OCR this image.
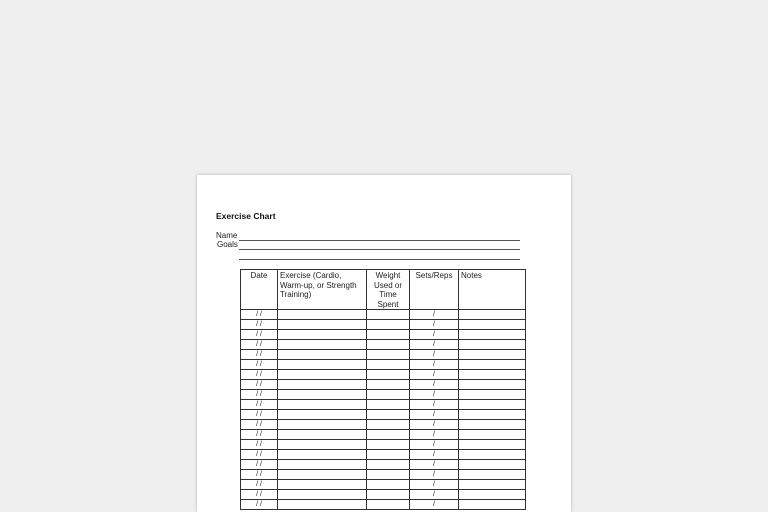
Exercise Chart
Name
Goals
Date	Exercise (Cardio, Warm-up, or Strength Training)	Weight Used or Time Spent	Sets/Reps	Notes
/ /			/	
/ /			/	
/ /			/	
/ /			/	
/ /			/	
/ /			/	
/ /			/	
/ /			/	
/ /			/	
/ /			/	
/ /			/	
/ /			/	
/ /			/	
/ /			/	
/ /			/	
/ /			/	
/ /			/	
/ /			/	
/ /			/	
/ /			/	
